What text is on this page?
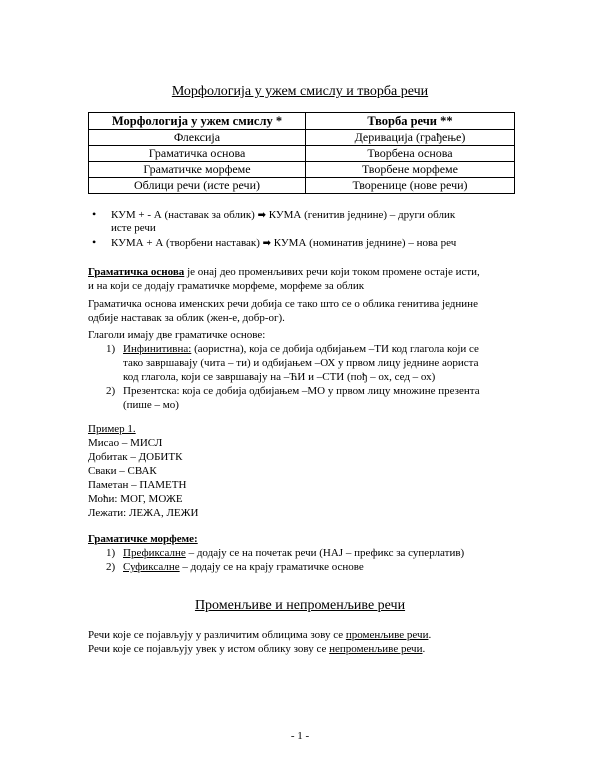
Морфологија у ужем смислу и творба речи
Морфологија у ужем смислу *	Творба речи **
Флексија	Деривација (грађење)
Граматичка основа	Творбена основа
Граматичке морфеме	Творбене морфеме
Облици речи (исте речи)	Творенице (нове речи)
• КУМ + - А (наставак за облик) ➡ КУМА (генитив једнине) – други облик
исте речи
• КУМА + А (творбени наставак) ➡ КУМА (номинатив једнине) – нова реч
Граматичка основа је онај део променљивих речи који током промене остаје исти,
и на који се додају граматичке морфеме, морфеме за облик
Граматичка основа именских речи добија се тако што се о облика генитива једнине
одбије наставак за облик (жен-е, добр-ог).
Глаголи имају две граматичке основе:
1) Инфинитивна: (аористна), која се добија одбијањем –ТИ код глагола који се
тако завршавају (чита – ти) и одбијањем –ОХ у првом лицу једнине аориста
код глагола, који се завршавају на –ЋИ и –СТИ (пођ – ох, сед – ох)
2) Презентска: која се добија одбијањем –МО у првом лицу множине презента
(пише – мо)
Пример 1.
Мисао – МИСЛ
Добитак – ДОБИТК
Сваки – СВАК
Паметан – ПАМЕТН
Моћи: МОГ, МОЖЕ
Лежати: ЛЕЖА, ЛЕЖИ
Граматичке морфеме:
1) Префиксалне – додају се на почетак речи (НАЈ – префикс за суперлатив)
2) Суфиксалне – додају се на крају граматичке основе
Променљиве и непроменљиве речи
Речи које се појављују у различитим облицима зову се променљиве речи.
Речи које се појављују увек у истом облику зову се непроменљиве речи.
- 1 -
